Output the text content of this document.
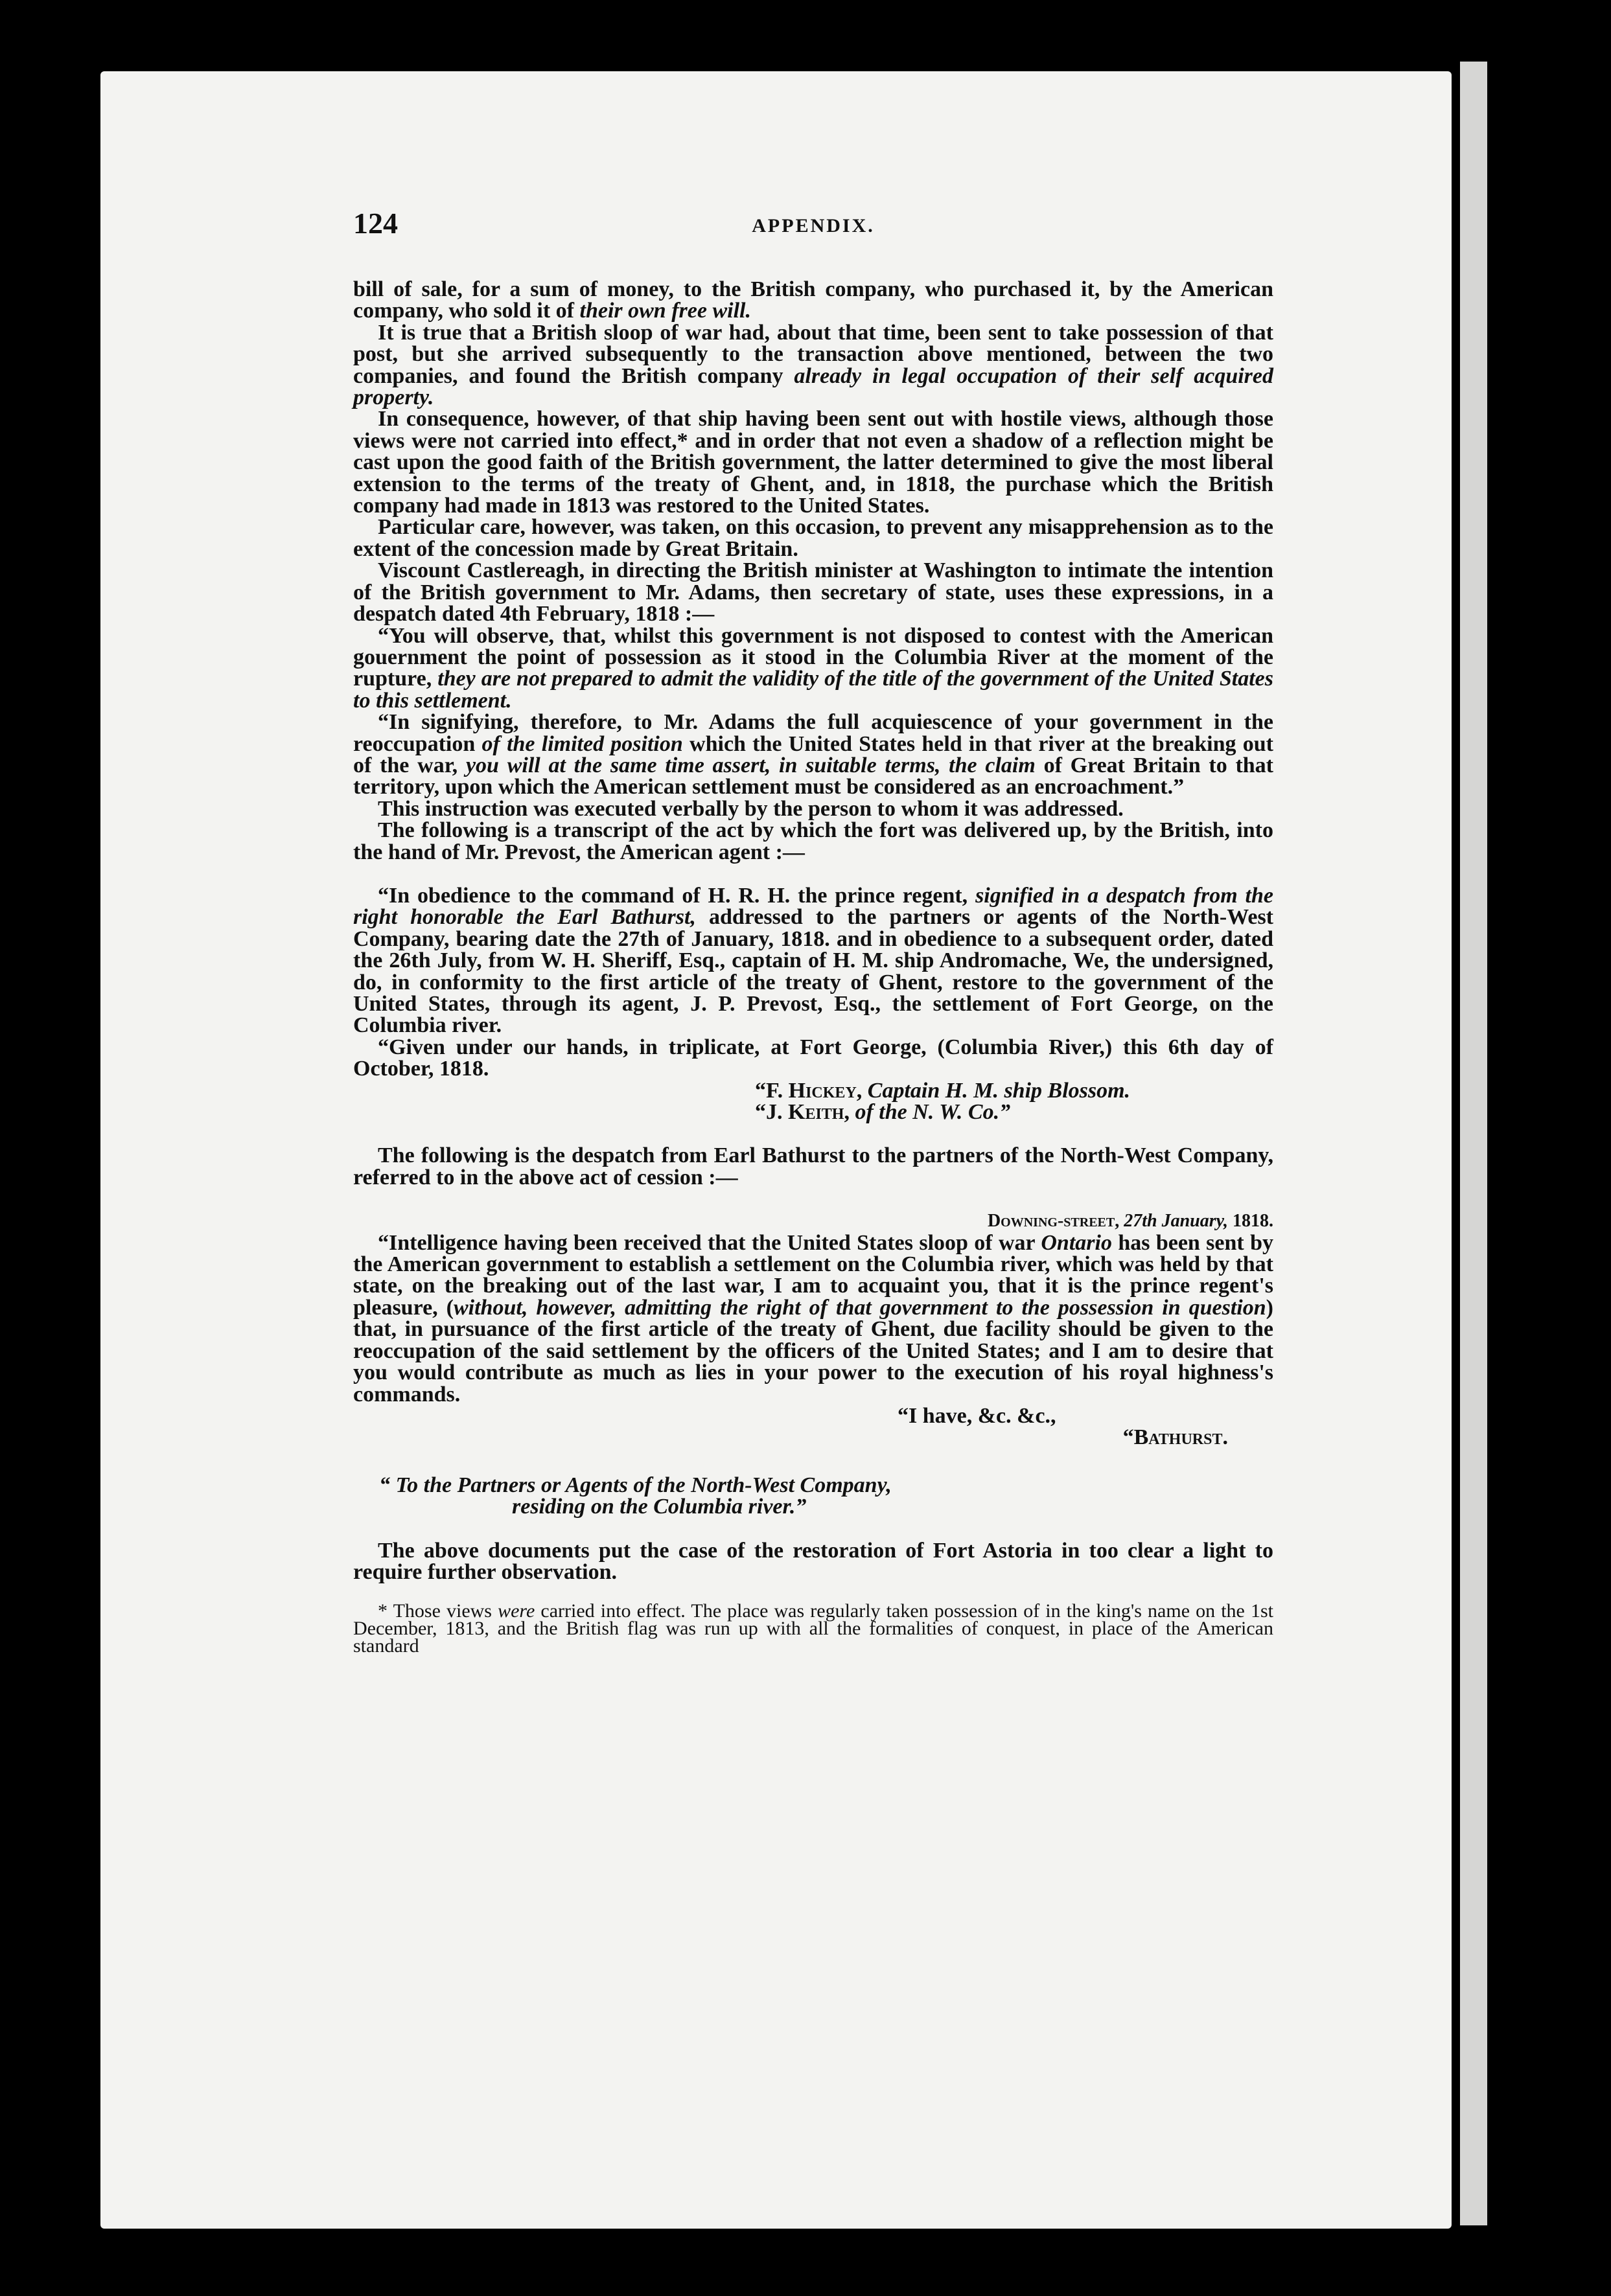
124	APPENDIX.

bill of sale, for a sum of money, to the British company, who purchased it, by the American company, who sold it of their own free will.

It is true that a British sloop of war had, about that time, been sent to take possession of that post, but she arrived subsequently to the transaction above mentioned, between the two companies, and found the British company already in legal occupation of their self acquired property.

In consequence, however, of that ship having been sent out with hostile views, although those views were not carried into effect,* and in order that not even a shadow of a reflection might be cast upon the good faith of the British government, the latter determined to give the most liberal extension to the terms of the treaty of Ghent, and, in 1818, the purchase which the British company had made in 1813 was restored to the United States.

Particular care, however, was taken, on this occasion, to prevent any misapprehension as to the extent of the concession made by Great Britain.

Viscount Castlereagh, in directing the British minister at Washington to intimate the intention of the British government to Mr. Adams, then secretary of state, uses these expressions, in a despatch dated 4th February, 1818 :—

“You will observe, that, whilst this government is not disposed to contest with the American gouernment the point of possession as it stood in the Columbia River at the moment of the rupture, they are not prepared to admit the validity of the title of the government of the United States to this settlement.

“In signifying, therefore, to Mr. Adams the full acquiescence of your government in the reoccupation of the limited position which the United States held in that river at the breaking out of the war, you will at the same time assert, in suitable terms, the claim of Great Britain to that territory, upon which the American settlement must be considered as an encroachment.”

This instruction was executed verbally by the person to whom it was addressed.

The following is a transcript of the act by which the fort was delivered up, by the British, into the hand of Mr. Prevost, the American agent :—

“In obedience to the command of H. R. H. the prince regent, signified in a despatch from the right honorable the Earl Bathurst, addressed to the partners or agents of the North-West Company, bearing date the 27th of January, 1818. and in obedience to a subsequent order, dated the 26th July, from W. H. Sheriff, Esq., captain of H. M. ship Andromache, We, the undersigned, do, in conformity to the first article of the treaty of Ghent, restore to the government of the United States, through its agent, J. P. Prevost, Esq., the settlement of Fort George, on the Columbia river.

“Given under our hands, in triplicate, at Fort George, (Columbia River,) this 6th day of October, 1818.

“F. Hickey, Captain H. M. ship Blossom.

“J. Keith, of the N. W. Co.”

The following is the despatch from Earl Bathurst to the partners of the North-West Company, referred to in the above act of cession :—

Downing-street, 27th January, 1818.

“Intelligence having been received that the United States sloop of war Ontario has been sent by the American government to establish a settlement on the Columbia river, which was held by that state, on the breaking out of the last war, I am to acquaint you, that it is the prince regent's pleasure, (without, however, admitting the right of that government to the possession in question) that, in pursuance of the first article of the treaty of Ghent, due facility should be given to the reoccupation of the said settlement by the officers of the United States; and I am to desire that you would contribute as much as lies in your power to the execution of his royal highness's commands.

“I have, &c. &c.,

“Bathurst.

“ To the Partners or Agents of the North-West Company,

residing on the Columbia river.”

The above documents put the case of the restoration of Fort Astoria in too clear a light to require further observation.

* Those views were carried into effect. The place was regularly taken possession of in the king's name on the 1st December, 1813, and the British flag was run up with all the formalities of conquest, in place of the American standard
